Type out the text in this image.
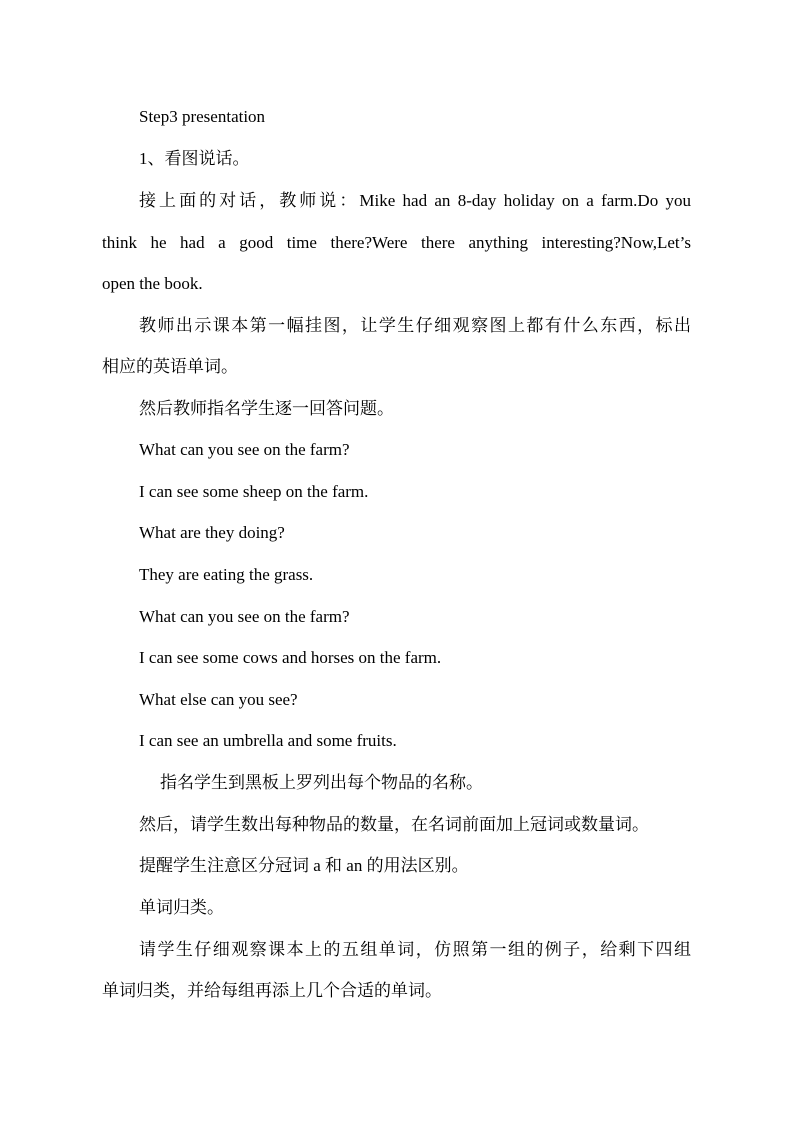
Step3 presentation
1、看图说话。
接上面的对话，教师说：Mike had an 8-day holiday on a farm.Do you
think he had a good time there?Were there anything interesting?Now,Let’s
open the book.
教师出示课本第一幅挂图，让学生仔细观察图上都有什么东西，标出
相应的英语单词。
然后教师指名学生逐一回答问题。
What can you see on the farm?
I can see some sheep on the farm.
What are they doing?
They are eating the grass.
What can you see on the farm?
I can see some cows and horses on the farm.
What else can you see?
I can see an umbrella and some fruits.
指名学生到黑板上罗列出每个物品的名称。
然后，请学生数出每种物品的数量，在名词前面加上冠词或数量词。
提醒学生注意区分冠词 a 和 an 的用法区别。
单词归类。
请学生仔细观察课本上的五组单词，仿照第一组的例子，给剩下四组
单词归类，并给每组再添上几个合适的单词。
